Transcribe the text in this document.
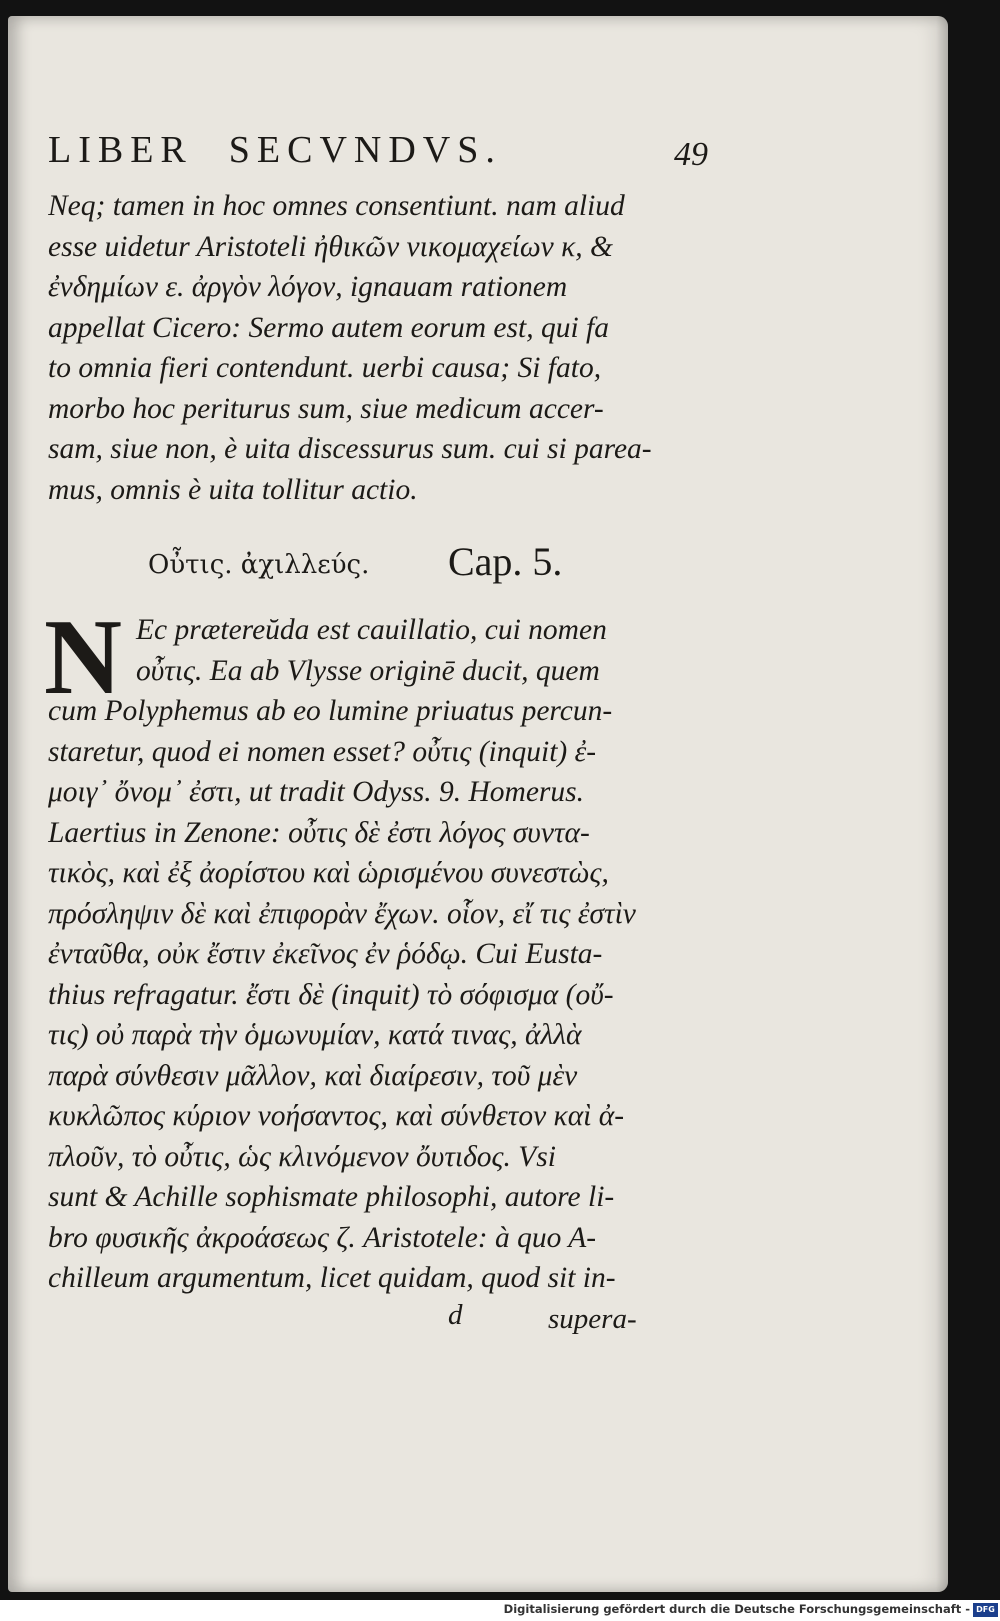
LIBER SECVNDVS.	49
Neq; tamen in hoc omnes consentiunt. nam aliud
esse uidetur Aristoteli ἠθικῶν νικομαχείων κ, &
ἐνδημίων ε. ἀργὸν λόγον, ignauam rationem
appellat Cicero: Sermo autem eorum est, qui fa
to omnia fieri contendunt. uerbi causa; Si fato,
morbo hoc periturus sum, siue medicum accer-
sam, siue non, è uita discessurus sum. cui si parea-
mus, omnis è uita tollitur actio.
Οὖτις. ἀχιλλεύς. Cap. 5.
N Ec prætereŭda est cauillatio, cui nomen
οὖτις. Ea ab Vlysse originē ducit, quem
cum Polyphemus ab eo lumine priuatus percun-
staretur, quod ei nomen esset? οὖτις (inquit) ἐ-
μοιγ᾽ ὄνομ᾽ ἐστι, ut tradit Odyss. 9. Homerus.
Laertius in Zenone: οὖτις δὲ ἐστι λόγος συντα-
τικὸς, καὶ ἐξ ἀορίστου καὶ ὡρισμένου συνεστὼς,
πρόσληψιν δὲ καὶ ἐπιφορὰν ἔχων. οἷον, εἴ τις ἐστὶν
ἐνταῦθα, οὐκ ἔστιν ἐκεῖνος ἐν ῥόδῳ. Cui Eusta-
thius refragatur. ἔστι δὲ (inquit) τὸ σόφισμα (οὔ-
τις) οὐ παρὰ τὴν ὁμωνυμίαν, κατά τινας, ἀλλὰ
παρὰ σύνθεσιν μᾶλλον, καὶ διαίρεσιν, τοῦ μὲν
κυκλῶπος κύριον νοήσαντος, καὶ σύνθετον καὶ ἀ-
πλοῦν, τὸ οὖτις, ὡς κλινόμενον ὄυτιδος. Vsi
sunt & Achille sophismate philosophi, autore li-
bro φυσικῆς ἀκροάσεως ζ. Aristotele: à quo A-
chilleum argumentum, licet quidam, quod sit in-
d	supera-
Digitalisierung gefördert durch die Deutsche Forschungsgemeinschaft - DFG
